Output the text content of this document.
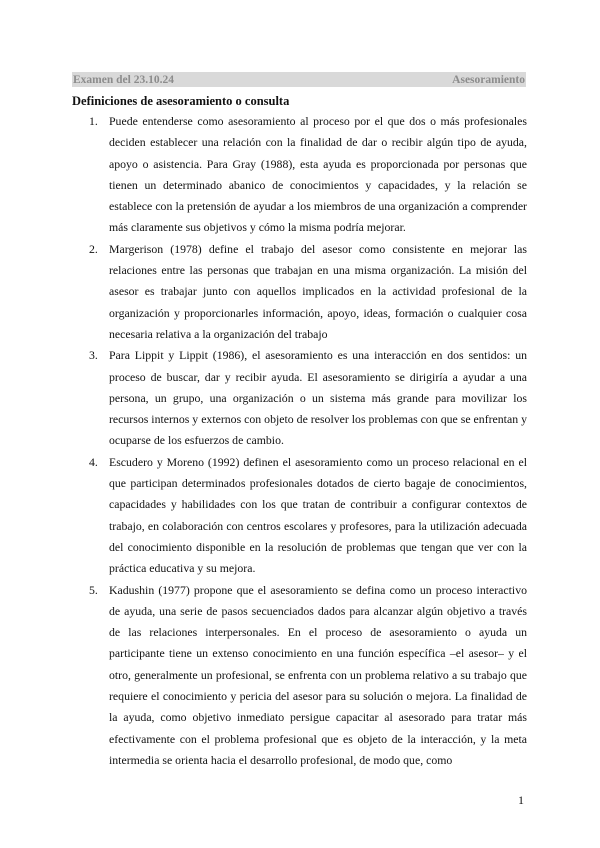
Examen del 23.10.24	Asesoramiento
Definiciones de asesoramiento o consulta
1. Puede entenderse como asesoramiento al proceso por el que dos o más profesionales deciden establecer una relación con la finalidad de dar o recibir algún tipo de ayuda, apoyo o asistencia. Para Gray (1988), esta ayuda es proporcionada por personas que tienen un determinado abanico de conocimientos y capacidades, y la relación se establece con la pretensión de ayudar a los miembros de una organización a comprender más claramente sus objetivos y cómo la misma podría mejorar.
2. Margerison (1978) define el trabajo del asesor como consistente en mejorar las relaciones entre las personas que trabajan en una misma organización. La misión del asesor es trabajar junto con aquellos implicados en la actividad profesional de la organización y proporcionarles información, apoyo, ideas, formación o cualquier cosa necesaria relativa a la organización del trabajo
3. Para Lippit y Lippit (1986), el asesoramiento es una interacción en dos sentidos: un proceso de buscar, dar y recibir ayuda. El asesoramiento se dirigiría a ayudar a una persona, un grupo, una organización o un sistema más grande para movilizar los recursos internos y externos con objeto de resolver los problemas con que se enfrentan y ocuparse de los esfuerzos de cambio.
4. Escudero y Moreno (1992) definen el asesoramiento como un proceso relacional en el que participan determinados profesionales dotados de cierto bagaje de conocimientos, capacidades y habilidades con los que tratan de contribuir a configurar contextos de trabajo, en colaboración con centros escolares y profesores, para la utilización adecuada del conocimiento disponible en la resolución de problemas que tengan que ver con la práctica educativa y su mejora.
5. Kadushin (1977) propone que el asesoramiento se defina como un proceso interactivo de ayuda, una serie de pasos secuenciados dados para alcanzar algún objetivo a través de las relaciones interpersonales. En el proceso de asesoramiento o ayuda un participante tiene un extenso conocimiento en una función específica –el asesor– y el otro, generalmente un profesional, se enfrenta con un problema relativo a su trabajo que requiere el conocimiento y pericia del asesor para su solución o mejora. La finalidad de la ayuda, como objetivo inmediato persigue capacitar al asesorado para tratar más efectivamente con el problema profesional que es objeto de la interacción, y la meta intermedia se orienta hacia el desarrollo profesional, de modo que, como
1
